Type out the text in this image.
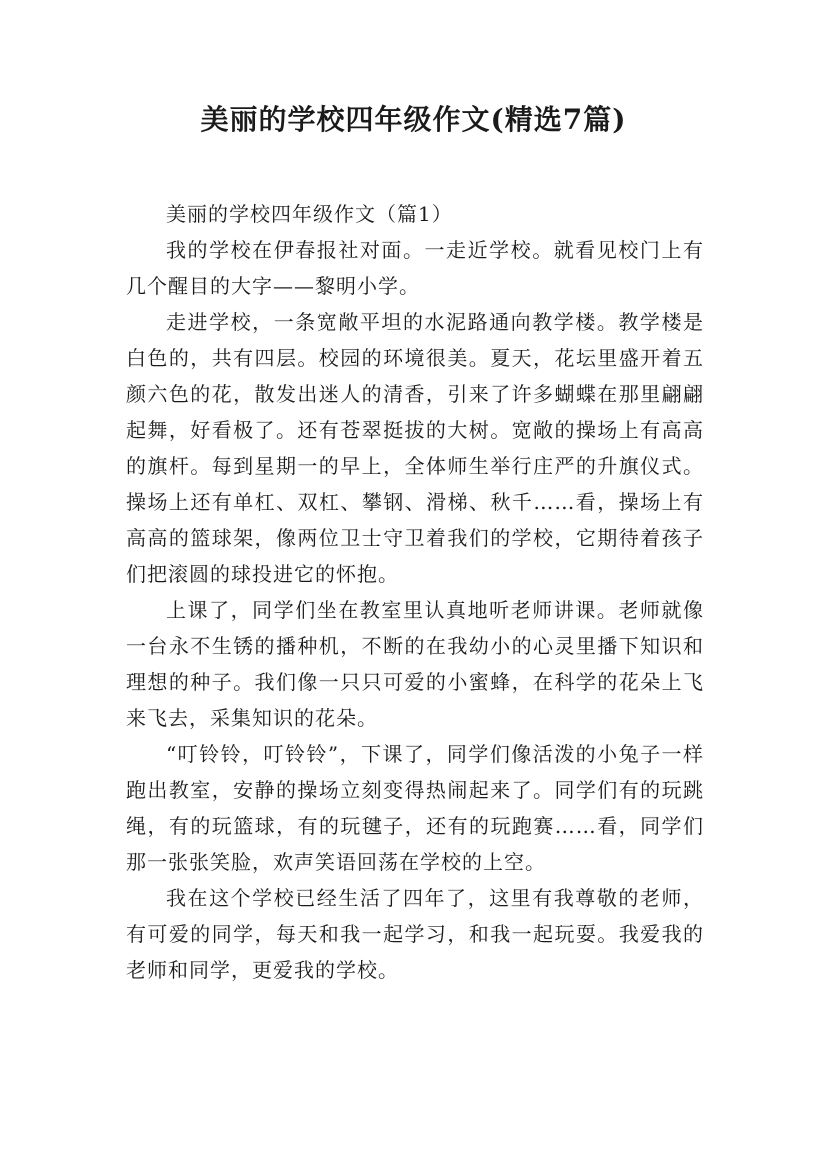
美丽的学校四年级作文(精选7篇)

美丽的学校四年级作文（篇1）

我的学校在伊春报社对面。一走近学校。就看见校门上有几个醒目的大字——黎明小学。

走进学校，一条宽敞平坦的水泥路通向教学楼。教学楼是白色的，共有四层。校园的环境很美。夏天，花坛里盛开着五颜六色的花，散发出迷人的清香，引来了许多蝴蝶在那里翩翩起舞，好看极了。还有苍翠挺拔的大树。宽敞的操场上有高高的旗杆。每到星期一的早上，全体师生举行庄严的升旗仪式。操场上还有单杠、双杠、攀钢、滑梯、秋千……看，操场上有高高的篮球架，像两位卫士守卫着我们的学校，它期待着孩子们把滚圆的球投进它的怀抱。

上课了，同学们坐在教室里认真地听老师讲课。老师就像一台永不生锈的播种机，不断的在我幼小的心灵里播下知识和理想的种子。我们像一只只可爱的小蜜蜂，在科学的花朵上飞来飞去，采集知识的花朵。

“叮铃铃，叮铃铃”，下课了，同学们像活泼的小兔子一样跑出教室，安静的操场立刻变得热闹起来了。同学们有的玩跳绳，有的玩篮球，有的玩毽子，还有的玩跑赛……看，同学们那一张张笑脸，欢声笑语回荡在学校的上空。

我在这个学校已经生活了四年了，这里有我尊敬的老师，有可爱的同学，每天和我一起学习，和我一起玩耍。我爱我的老师和同学，更爱我的学校。
